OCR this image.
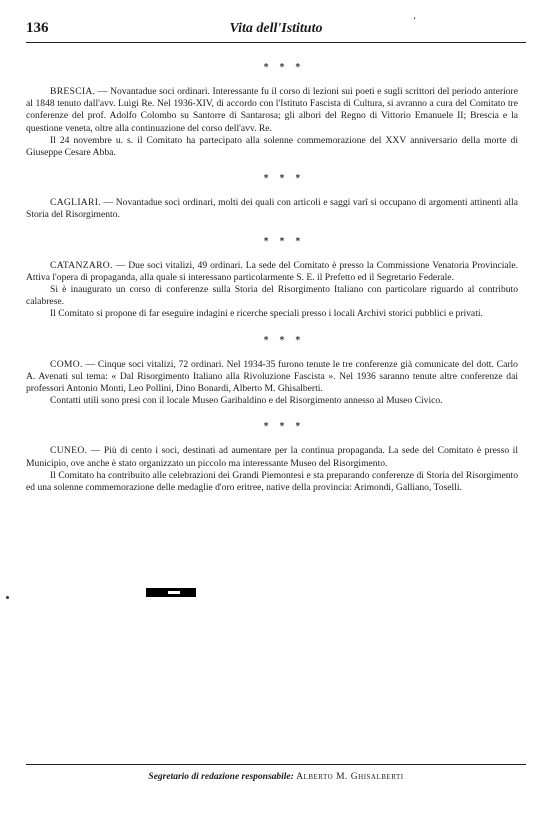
136	Vita dell'Istituto	'
* * *

BRESCIA. — Novantadue soci ordinari. Interessante fu il corso di lezioni sui poeti e sugli scrittori del periodo anteriore al 1848 tenuto dall'avv. Luigi Re. Nel 1936-XIV, di accordo con l'Istituto Fascista di Cultura, si avranno a cura del Comitato tre conferenze del prof. Adolfo Colombo su Santorre di Santarosa; gli albori del Regno di Vittorio Emanuele II; Brescia e la questione veneta, oltre alla continuazione del corso dell'avv. Re.

Il 24 novembre u. s. il Comitato ha partecipato alla solenne commemorazione del XXV anniversario della morte di Giuseppe Cesare Abba.

* * *

CAGLIARI. — Novantadue soci ordinari, molti dei quali con articoli e saggi varî si occupano di argomenti attinenti alla Storia del Risorgimento.

* * *

CATANZARO. — Due soci vitalizi, 49 ordinari. La sede del Comitato è presso la Commissione Venatoria Provinciale. Attiva l'opera di propaganda, alla quale si interessano particolarmente S. E. il Prefetto ed il Segretario Federale.

Si è inaugurato un corso di conferenze sulla Storia del Risorgimento Italiano con particolare riguardo al contributo calabrese.

Il Comitato si propone di far eseguire indagini e ricerche speciali presso i locali Archivi storici pubblici e privati.

* * *

COMO. — Cinque soci vitalizi, 72 ordinari. Nel 1934-35 furono tenute le tre conferenze già comunicate del dott. Carlo A. Avenati sul tema: « Dal Risorgimento Italiano alla Rivoluzione Fascista ». Nel 1936 saranno tenute altre conferenze dai professori Antonio Monti, Leo Pollini, Dino Bonardi, Alberto M. Ghisalberti.

Contatti utili sono presi con il locale Museo Garibaldino e del Risorgimento annesso al Museo Civico.

* * *

CUNEO. — Più di cento i soci, destinati ad aumentare per la continua propaganda. La sede del Comitato è presso il Municipio, ove anche è stato organizzato un piccolo ma interessante Museo del Risorgimento.

Il Comitato ha contribuito alle celebrazioni dei Grandi Piemontesi e sta preparando conferenze di Storia del Risorgimento ed una solenne commemorazione delle medaglie d'oro eritree, native della provincia: Arimondi, Galliano, Toselli.

Segretario di redazione responsabile: Alberto M. Ghisalberti
